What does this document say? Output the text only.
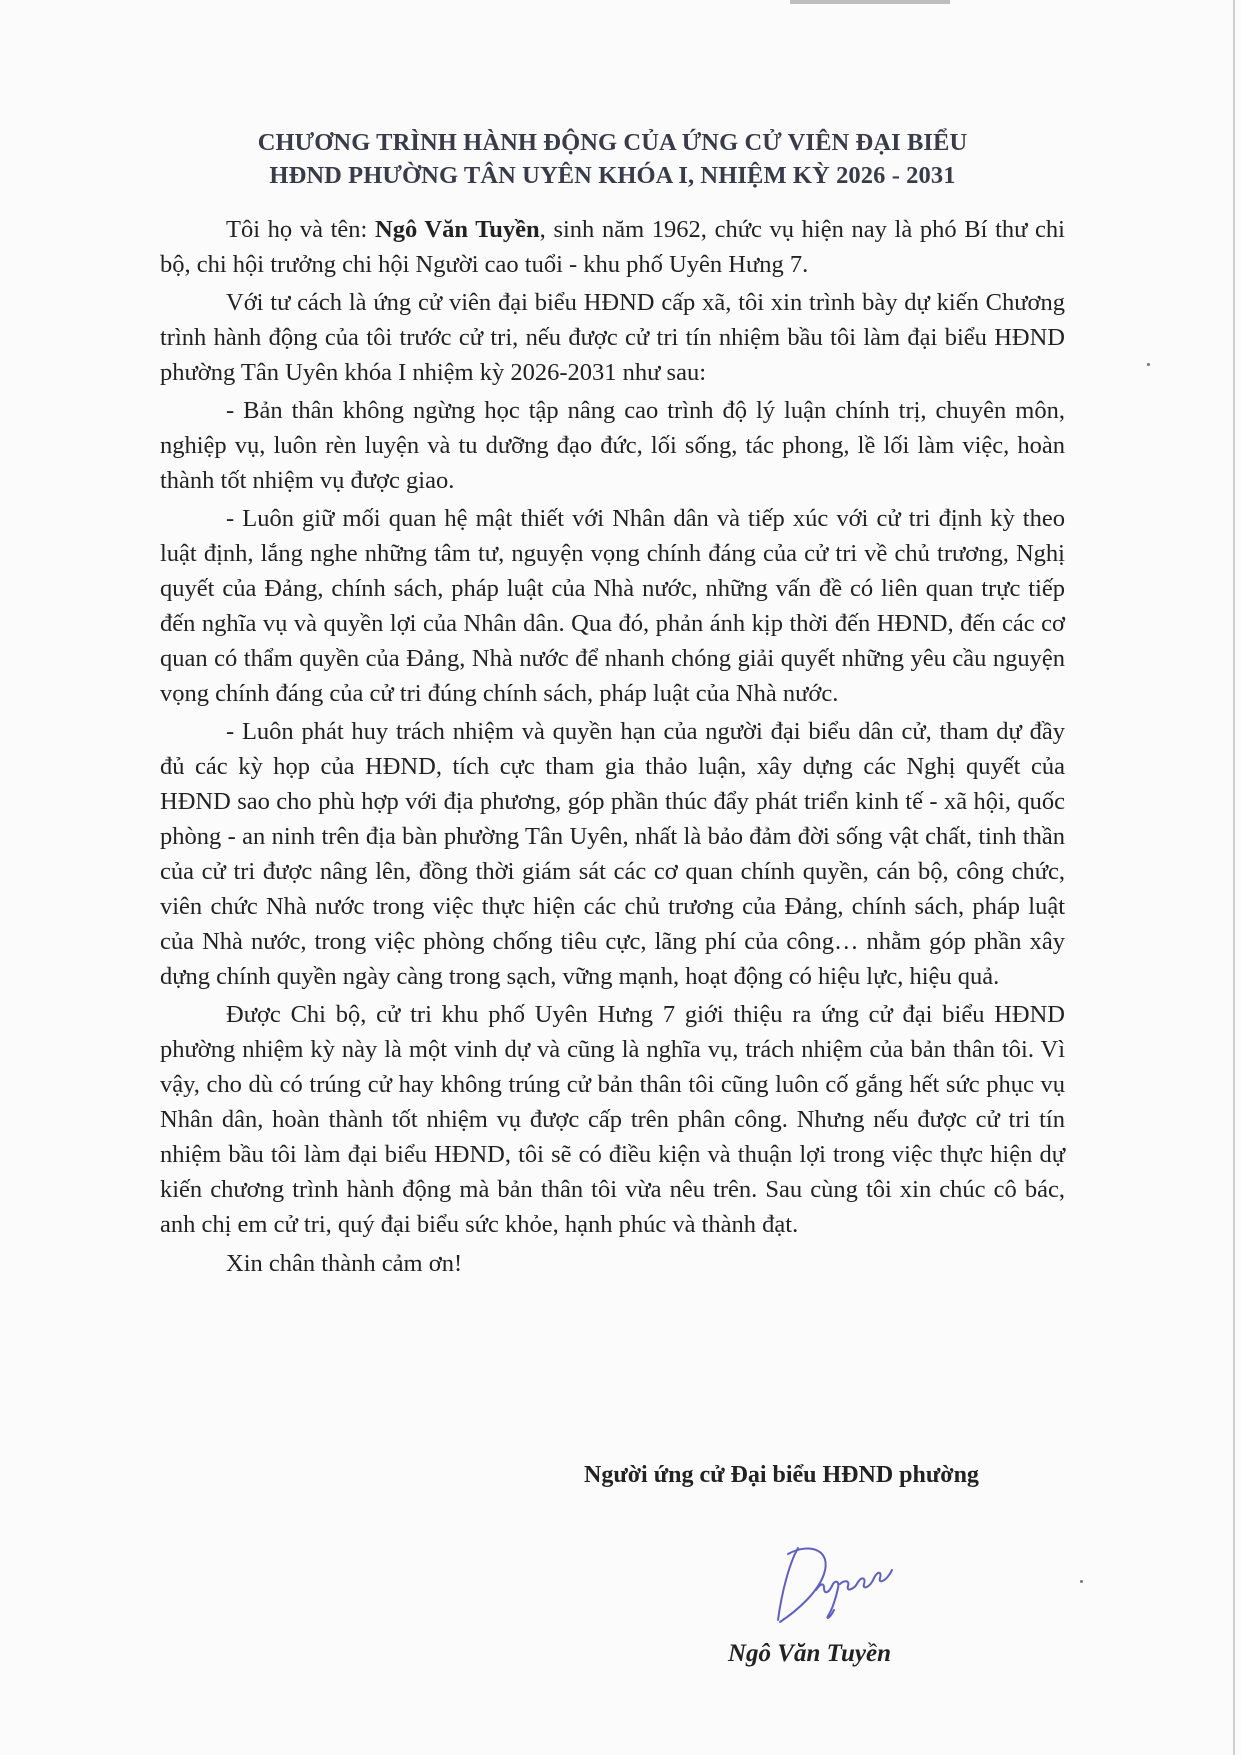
CHƯƠNG TRÌNH HÀNH ĐỘNG CỦA ỨNG CỬ VIÊN ĐẠI BIỂU
HĐND PHƯỜNG TÂN UYÊN KHÓA I, NHIỆM KỲ 2026 - 2031

Tôi họ và tên: Ngô Văn Tuyền, sinh năm 1962, chức vụ hiện nay là phó Bí thư chi bộ, chi hội trưởng chi hội Người cao tuổi - khu phố Uyên Hưng 7.

Với tư cách là ứng cử viên đại biểu HĐND cấp xã, tôi xin trình bày dự kiến Chương trình hành động của tôi trước cử tri, nếu được cử tri tín nhiệm bầu tôi làm đại biểu HĐND phường Tân Uyên khóa I nhiệm kỳ 2026-2031 như sau:

- Bản thân không ngừng học tập nâng cao trình độ lý luận chính trị, chuyên môn, nghiệp vụ, luôn rèn luyện và tu dưỡng đạo đức, lối sống, tác phong, lề lối làm việc, hoàn thành tốt nhiệm vụ được giao.

- Luôn giữ mối quan hệ mật thiết với Nhân dân và tiếp xúc với cử tri định kỳ theo luật định, lắng nghe những tâm tư, nguyện vọng chính đáng của cử tri về chủ trương, Nghị quyết của Đảng, chính sách, pháp luật của Nhà nước, những vấn đề có liên quan trực tiếp đến nghĩa vụ và quyền lợi của Nhân dân. Qua đó, phản ánh kịp thời đến HĐND, đến các cơ quan có thẩm quyền của Đảng, Nhà nước để nhanh chóng giải quyết những yêu cầu nguyện vọng chính đáng của cử tri đúng chính sách, pháp luật của Nhà nước.

- Luôn phát huy trách nhiệm và quyền hạn của người đại biểu dân cử, tham dự đầy đủ các kỳ họp của HĐND, tích cực tham gia thảo luận, xây dựng các Nghị quyết của HĐND sao cho phù hợp với địa phương, góp phần thúc đẩy phát triển kinh tế - xã hội, quốc phòng - an ninh trên địa bàn phường Tân Uyên, nhất là bảo đảm đời sống vật chất, tinh thần của cử tri được nâng lên, đồng thời giám sát các cơ quan chính quyền, cán bộ, công chức, viên chức Nhà nước trong việc thực hiện các chủ trương của Đảng, chính sách, pháp luật của Nhà nước, trong việc phòng chống tiêu cực, lãng phí của công… nhằm góp phần xây dựng chính quyền ngày càng trong sạch, vững mạnh, hoạt động có hiệu lực, hiệu quả.

Được Chi bộ, cử tri khu phố Uyên Hưng 7 giới thiệu ra ứng cử đại biểu HĐND phường nhiệm kỳ này là một vinh dự và cũng là nghĩa vụ, trách nhiệm của bản thân tôi. Vì vậy, cho dù có trúng cử hay không trúng cử bản thân tôi cũng luôn cố gắng hết sức phục vụ Nhân dân, hoàn thành tốt nhiệm vụ được cấp trên phân công. Nhưng nếu được cử tri tín nhiệm bầu tôi làm đại biểu HĐND, tôi sẽ có điều kiện và thuận lợi trong việc thực hiện dự kiến chương trình hành động mà bản thân tôi vừa nêu trên. Sau cùng tôi xin chúc cô bác, anh chị em cử tri, quý đại biểu sức khỏe, hạnh phúc và thành đạt.

Xin chân thành cảm ơn!

Người ứng cử Đại biểu HĐND phường
Ngô Văn Tuyền
